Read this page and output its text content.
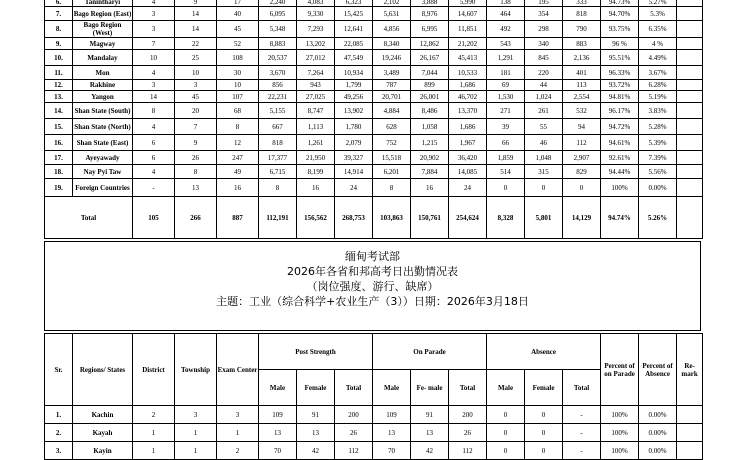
6.	Tanintharyi	4	9	17	2,240	4,083	6,323	2,102	3,888	5,990	138	195	333	94.73%	5.27%	
7.	Bago Region (East)	3	14	40	6,095	9,330	15,425	5,631	8,976	14,607	464	354	818	94.70%	5.3%	
8.	Bago Region (West)	3	14	45	5,348	7,293	12,641	4,856	6,995	11,851	492	298	790	93.75%	6.35%	
9.	Magway	7	22	52	8,883	13,202	22,085	8,340	12,862	21,202	543	340	883	96 %	4 %	
10.	Mandalay	10	25	108	20,537	27,012	47,549	19,246	26,167	45,413	1,291	845	2,136	95.51%	4.49%	
11.	Mon	4	10	30	3,670	7,264	10,934	3,489	7,044	10,533	181	220	401	96.33%	3.67%	
12.	Rakhine	3	3	10	856	943	1,799	787	899	1,686	69	44	113	93.72%	6.28%	
13.	Yangon	14	45	107	22,231	27,025	49,256	20,701	26,001	46,702	1,530	1,024	2,554	94.81%	5.19%	
14.	Shan State (South)	8	20	68	5,155	8,747	13,902	4,884	8,486	13,370	271	261	532	96.17%	3.83%	
15.	Shan State (North)	4	7	8	667	1,113	1,780	628	1,058	1,686	39	55	94	94.72%	5.28%	
16.	Shan State (East)	6	9	12	818	1,261	2,079	752	1,215	1,967	66	46	112	94.61%	5.39%	
17.	Ayeyawady	6	26	247	17,377	21,950	39,327	15,518	20,902	36,420	1,859	1,048	2,907	92.61%	7.39%	
18.	Nay Pyi Taw	4	8	49	6,715	8,199	14,914	6,201	7,884	14,085	514	315	829	94.44%	5.56%	
19.	Foreign Countries	-	13	16	8	16	24	8	16	24	0	0	0	100%	0.00%	
Total		105	266	887	112,191	156,562	268,753	103,863	150,761	254,624	8,328	5,801	14,129	94.74%	5.26%	
缅甸考试部
2026年各省和邦高考日出勤情况表
（岗位强度、游行、缺席）
主题：工业（综合科学+农业生产（3））日期：2026年3月18日
Sr.	Regions/ States	District	Township	Exam Center	Post Strength			On Parade			Absence			Percent of on Parade	Percent of Absence	Re-mark
					Male	Female	Total	Male	Fe- male	Total	Male	Female	Total			
1.	Kachin	2	3	3	109	91	200	109	91	200	0	0	-	100%	0.00%	
2.	Kayah	1	1	1	13	13	26	13	13	26	0	0	-	100%	0.00%	
3.	Kayin	1	1	2	70	42	112	70	42	112	0	0	-	100%	0.00%	
